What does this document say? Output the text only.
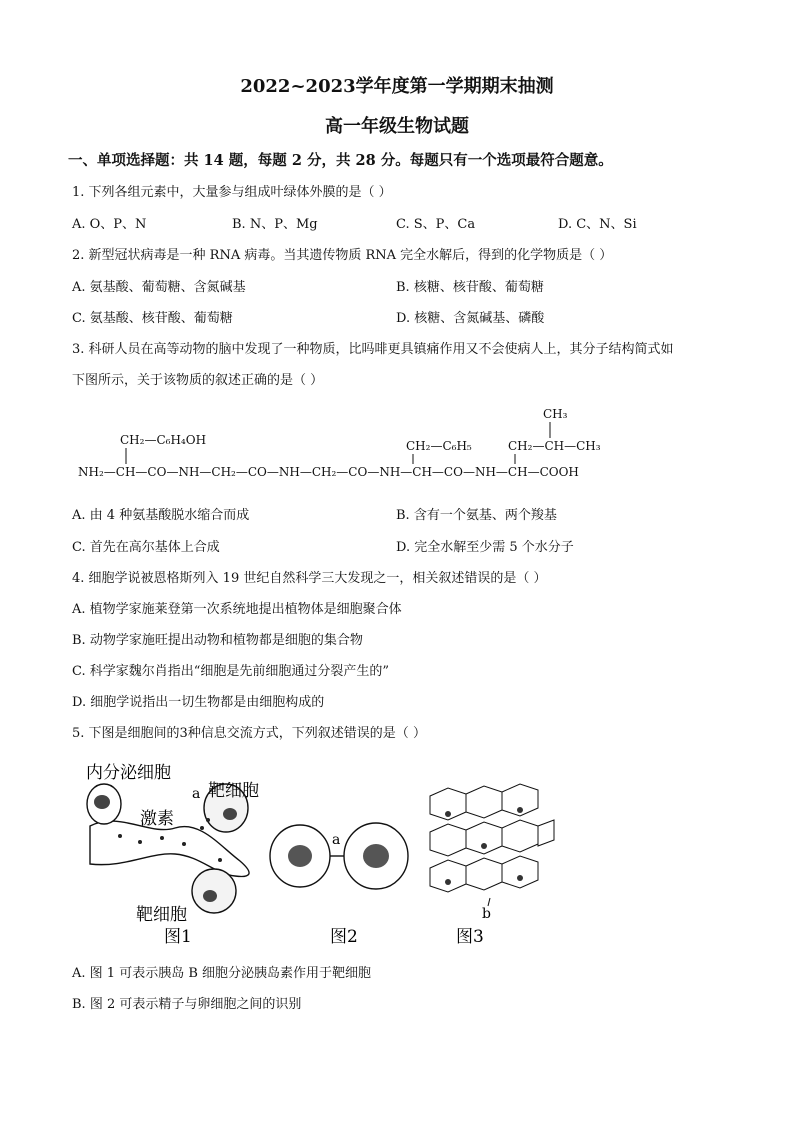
2022~2023学年度第一学期期末抽测
高一年级生物试题
一、单项选择题：共 14 题，每题 2 分，共 28 分。每题只有一个选项最符合题意。
1. 下列各组元素中，大量参与组成叶绿体外膜的是（ ）
A. O、P、N	B. N、P、Mg	C. S、P、Ca	D. C、N、Si
2. 新型冠状病毒是一种 RNA 病毒。当其遗传物质 RNA 完全水解后，得到的化学物质是（ ）
A. 氨基酸、葡萄糖、含氮碱基	B. 核糖、核苷酸、葡萄糖
C. 氨基酸、核苷酸、葡萄糖	D. 核糖、含氮碱基、磷酸
3. 科研人员在高等动物的脑中发现了一种物质，比吗啡更具镇痛作用又不会使病人上，其分子结构简式如
下图所示，关于该物质的叙述正确的是（ ）
CH₂—C₆H₄OH	CH₂—C₆H₅
CH₃
CH₂—CH—CH₃
NH₂—CH—CO—NH—CH₂—CO—NH—CH₂—CO—NH—CH—CO—NH—CH—COOH
A. 由 4 种氨基酸脱水缩合而成	B. 含有一个氨基、两个羧基
C. 首先在高尔基体上合成	D. 完全水解至少需 5 个水分子
4. 细胞学说被恩格斯列入 19 世纪自然科学三大发现之一，相关叙述错误的是（ ）
A. 植物学家施莱登第一次系统地提出植物体是细胞聚合体
B. 动物学家施旺提出动物和植物都是细胞的集合物
C. 科学家魏尔肖指出“细胞是先前细胞通过分裂产生的”
D. 细胞学说指出一切生物都是由细胞构成的
5. 下图是细胞间的3种信息交流方式，下列叙述错误的是（ ）
内分泌细胞
激素
a 靶细胞
靶细胞
图1
a
图2
b
图3
A. 图 1 可表示胰岛 B 细胞分泌胰岛素作用于靶细胞
B. 图 2 可表示精子与卵细胞之间的识别
